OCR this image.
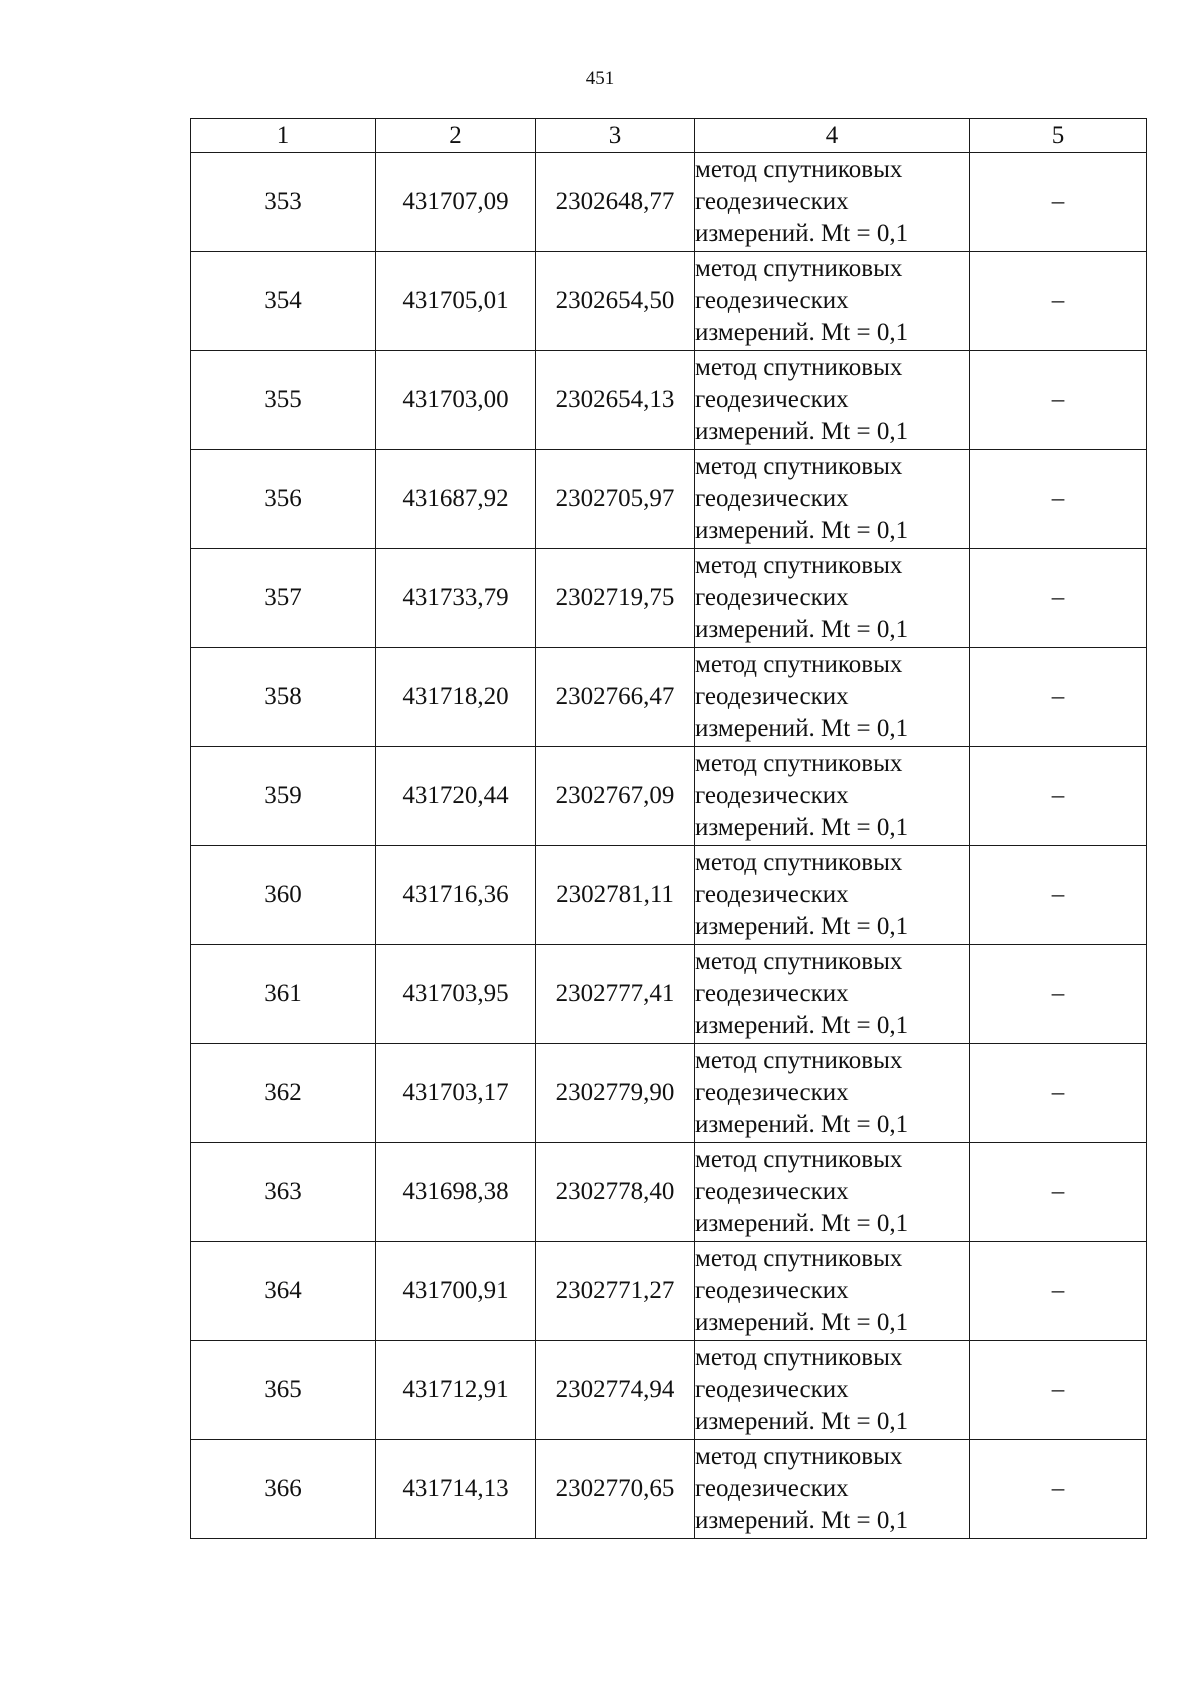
451
1	2	3	4	5
353	431707,09	2302648,77	метод спутниковых
геодезических
измерений. Mt = 0,1	–
354	431705,01	2302654,50	метод спутниковых
геодезических
измерений. Mt = 0,1	–
355	431703,00	2302654,13	метод спутниковых
геодезических
измерений. Mt = 0,1	–
356	431687,92	2302705,97	метод спутниковых
геодезических
измерений. Mt = 0,1	–
357	431733,79	2302719,75	метод спутниковых
геодезических
измерений. Mt = 0,1	–
358	431718,20	2302766,47	метод спутниковых
геодезических
измерений. Mt = 0,1	–
359	431720,44	2302767,09	метод спутниковых
геодезических
измерений. Mt = 0,1	–
360	431716,36	2302781,11	метод спутниковых
геодезических
измерений. Mt = 0,1	–
361	431703,95	2302777,41	метод спутниковых
геодезических
измерений. Mt = 0,1	–
362	431703,17	2302779,90	метод спутниковых
геодезических
измерений. Mt = 0,1	–
363	431698,38	2302778,40	метод спутниковых
геодезических
измерений. Mt = 0,1	–
364	431700,91	2302771,27	метод спутниковых
геодезических
измерений. Mt = 0,1	–
365	431712,91	2302774,94	метод спутниковых
геодезических
измерений. Mt = 0,1	–
366	431714,13	2302770,65	метод спутниковых
геодезических
измерений. Mt = 0,1	–
